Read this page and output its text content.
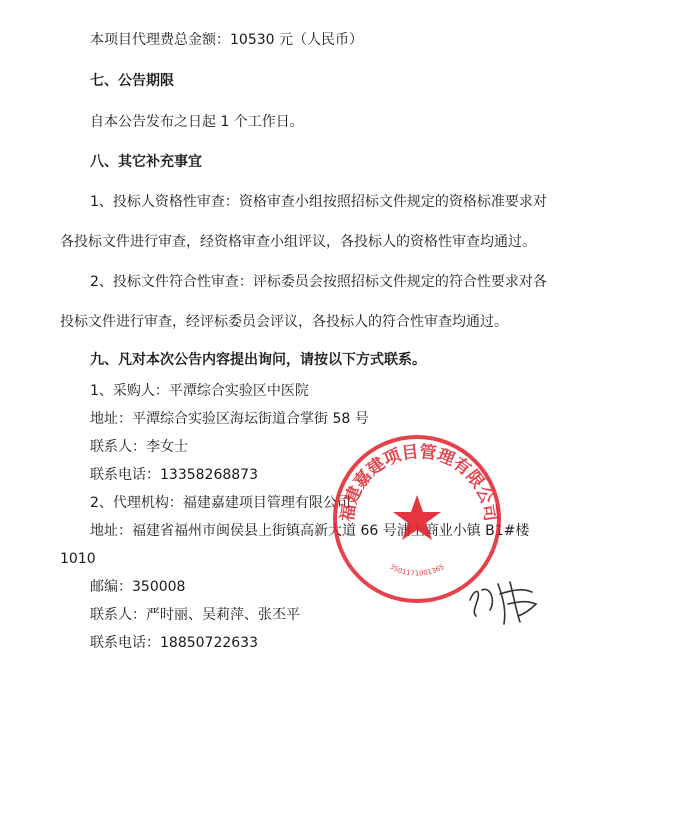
本项目代理费总金额：10530 元（人民币）
七、公告期限
自本公告发布之日起 1 个工作日。
八、其它补充事宜
1、投标人资格性审查：资格审查小组按照招标文件规定的资格标准要求对
各投标文件进行审查，经资格审查小组评议，各投标人的资格性审查均通过。
2、投标文件符合性审查：评标委员会按照招标文件规定的符合性要求对各
投标文件进行审查，经评标委员会评议，各投标人的符合性审查均通过。
九、凡对本次公告内容提出询问，请按以下方式联系。
1、采购人：平潭综合实验区中医院
地址：平潭综合实验区海坛街道合掌街 58 号
联系人：李女士
联系电话：13358268873
2、代理机构：福建嘉建项目管理有限公司
地址：福建省福州市闽侯县上街镇高新大道 66 号浦上商业小镇 B1#楼
1010
邮编：350008
联系人：严时丽、吴莉萍、张丕平
联系电话：18850722633
福建嘉建项目管理有限公司
3501171001365
